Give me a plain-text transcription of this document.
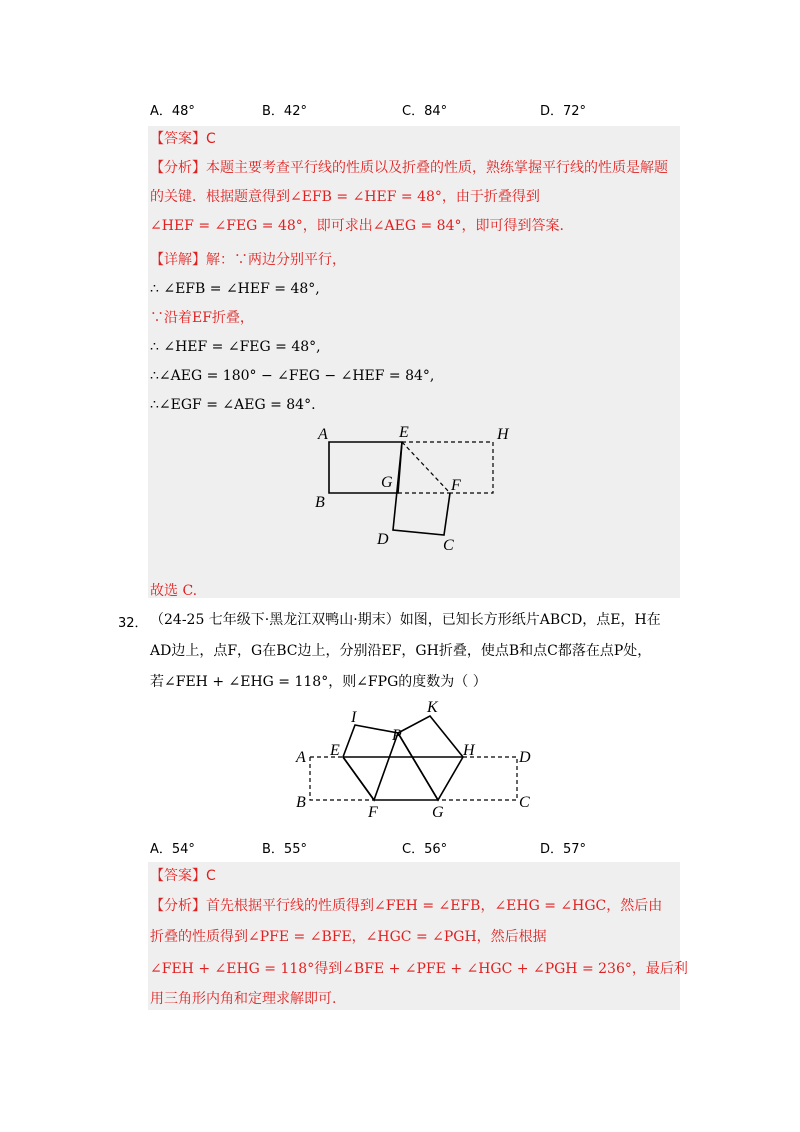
A．48°	B．42°	C．84°	D．72°
【答案】C
【分析】本题主要考查平行线的性质以及折叠的性质，熟练掌握平行线的性质是解题
的关键．根据题意得到∠EFB = ∠HEF = 48°，由于折叠得到
∠HEF = ∠FEG = 48°，即可求出∠AEG = 84°，即可得到答案.
【详解】解：∵两边分别平行，
∴ ∠EFB = ∠HEF = 48°,
∵沿着EF折叠，
∴ ∠HEF = ∠FEG = 48°,
∴∠AEG = 180° − ∠FEG − ∠HEF = 84°,
∴∠EGF = ∠AEG = 84°.
A	E	H
G	F
B
D	C
故选 C.
32． （24-25 七年级下·黑龙江双鸭山·期末）如图，已知长方形纸片ABCD，点E，H在
AD边上，点F，G在BC边上，分别沿EF，GH折叠，使点B和点C都落在点P处，
若∠FEH + ∠EHG = 118°，则∠FPG的度数为（ ）
I
K
P
E	H
A	D
B
F	G
C
A．54°	B．55°	C．56°	D．57°
【答案】C
【分析】首先根据平行线的性质得到∠FEH = ∠EFB，∠EHG = ∠HGC，然后由
折叠的性质得到∠PFE = ∠BFE，∠HGC = ∠PGH，然后根据
∠FEH + ∠EHG = 118°得到∠BFE + ∠PFE + ∠HGC + ∠PGH = 236°，最后利
用三角形内角和定理求解即可.
